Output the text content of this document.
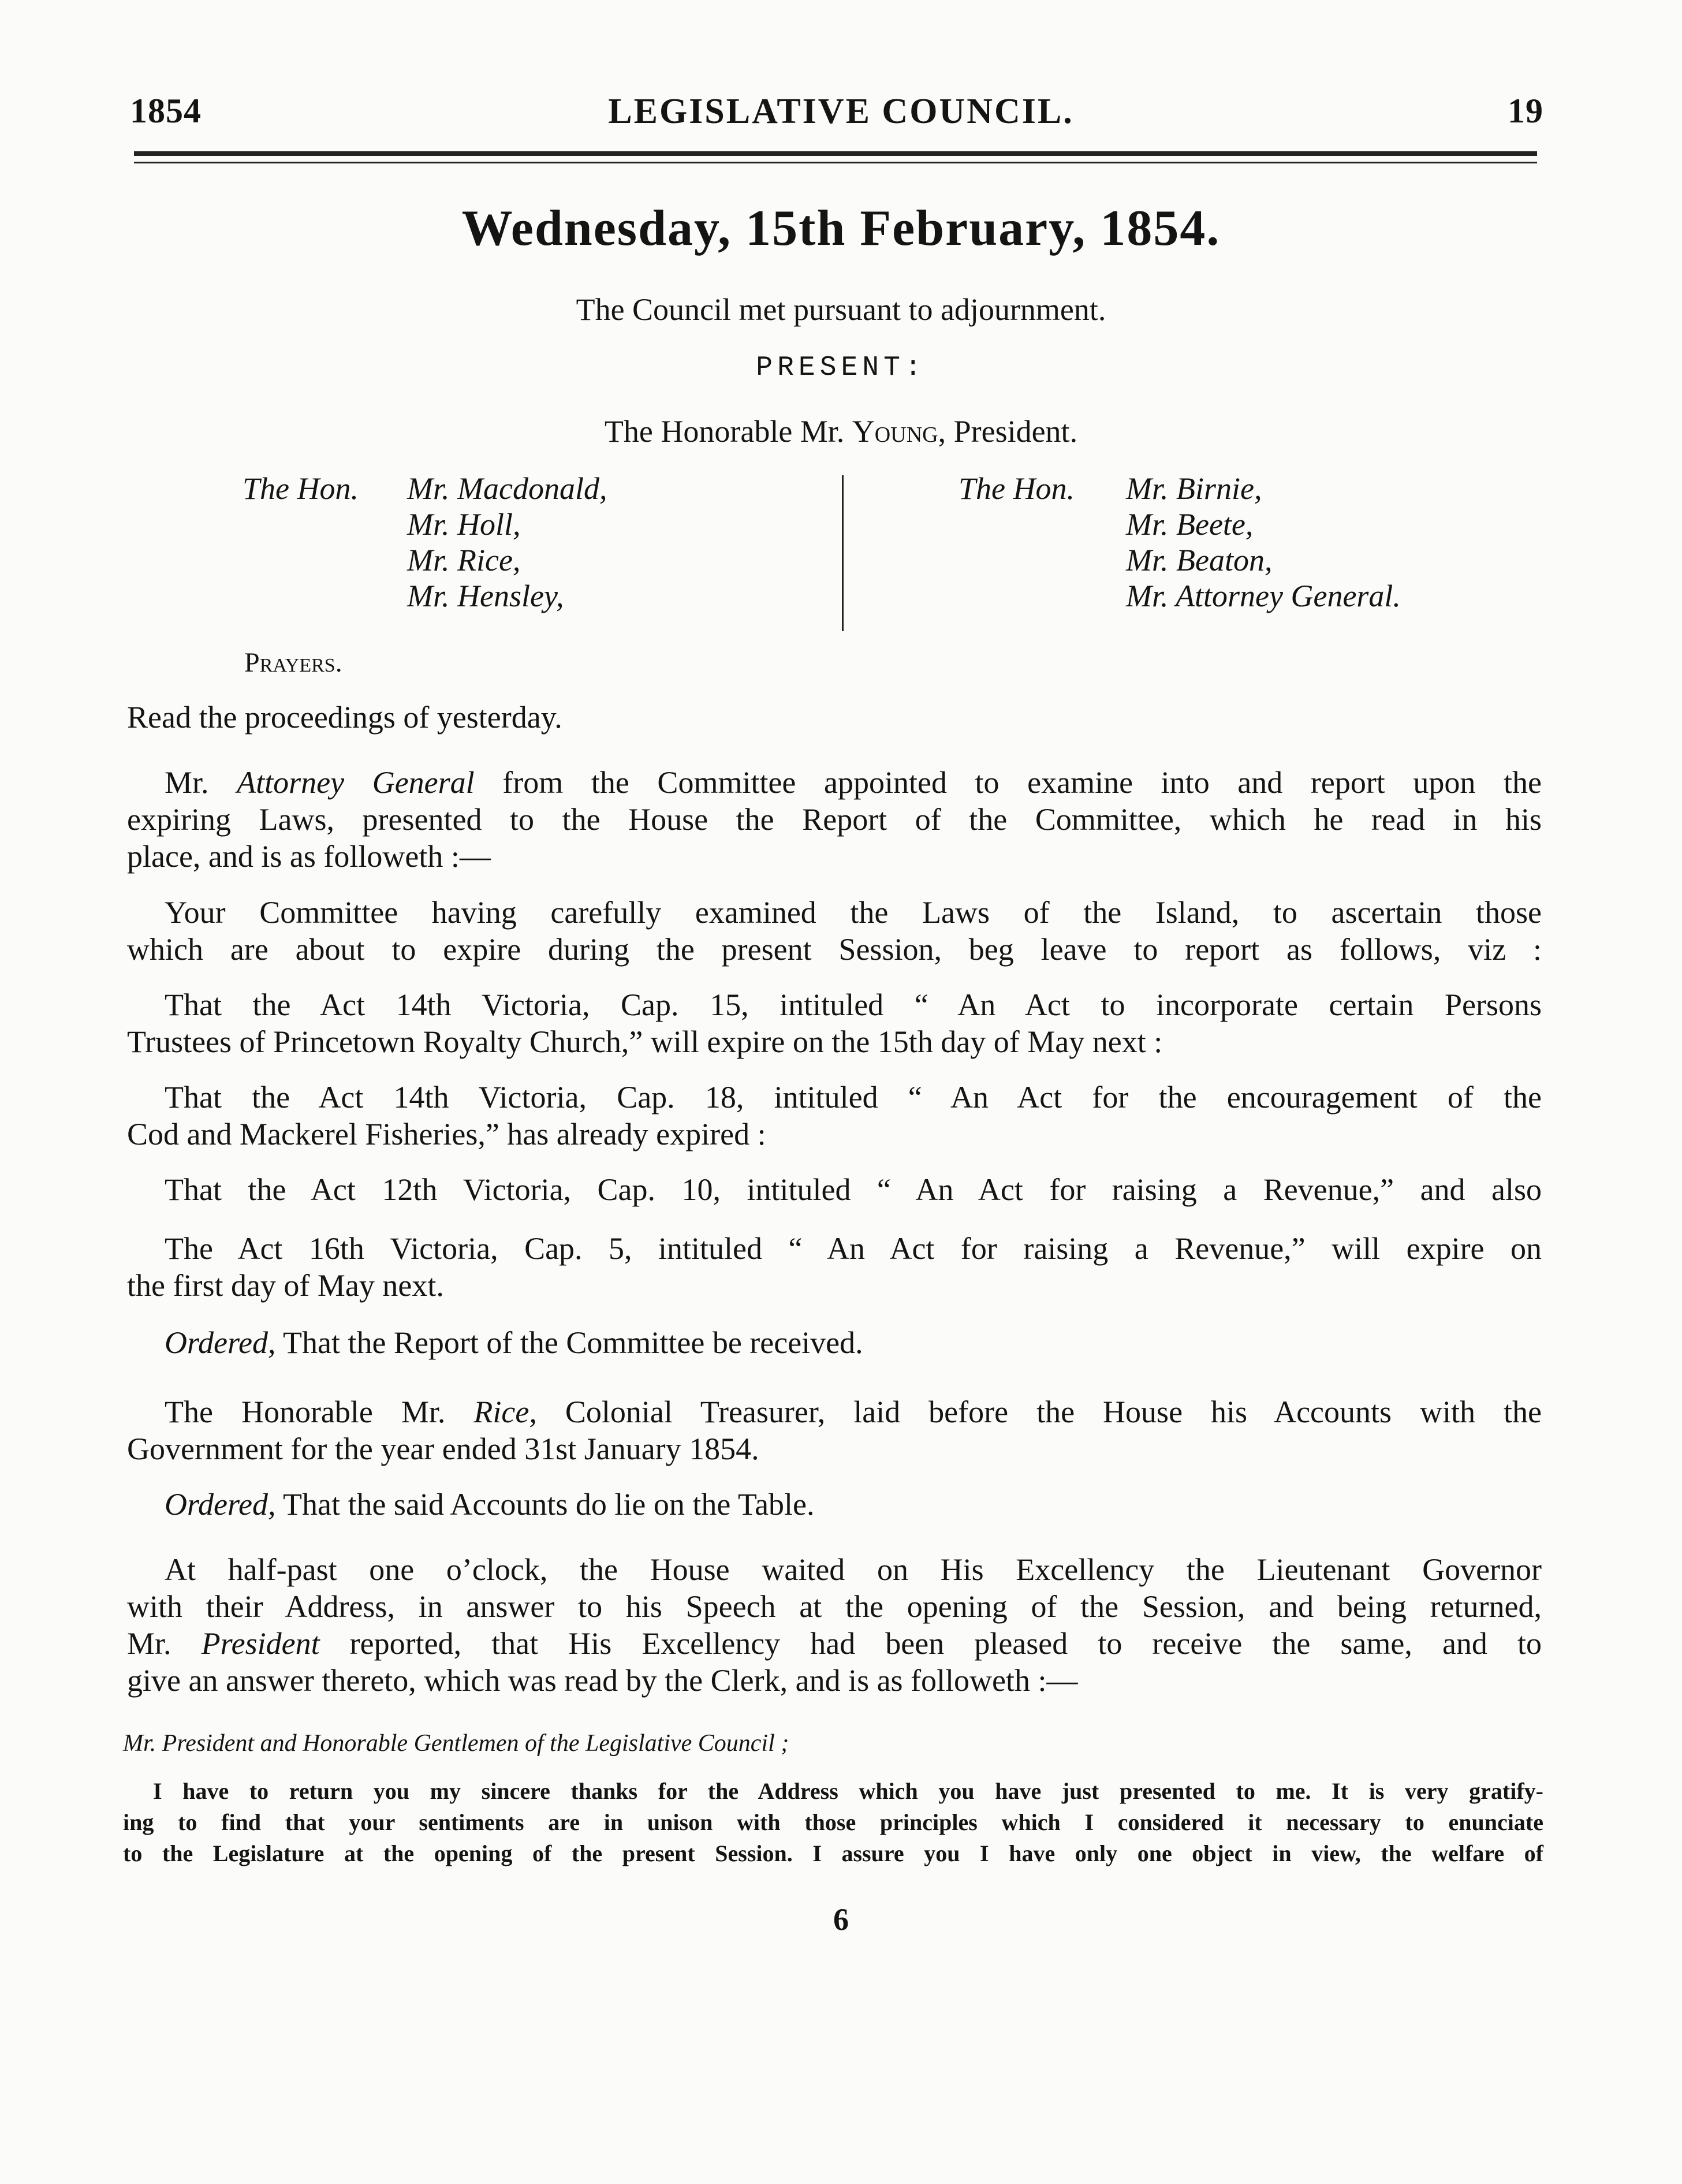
1854	LEGISLATIVE COUNCIL.	19
Wednesday, 15th February, 1854.
The Council met pursuant to adjournment.
PRESENT:
The Honorable Mr. Young, President.
The Hon.	Mr. Macdonald,
Mr. Holl,
Mr. Rice,
Mr. Hensley,
The Hon.	Mr. Birnie,
Mr. Beete,
Mr. Beaton,
Mr. Attorney General.
Prayers.
Read the proceedings of yesterday.
Mr. Attorney General from the Committee appointed to examine into and report upon the
expiring Laws, presented to the House the Report of the Committee, which he read in his
place, and is as followeth :—
Your Committee having carefully examined the Laws of the Island, to ascertain those
which are about to expire during the present Session, beg leave to report as follows, viz :
That the Act 14th Victoria, Cap. 15, intituled “ An Act to incorporate certain Persons
Trustees of Princetown Royalty Church,” will expire on the 15th day of May next :
That the Act 14th Victoria, Cap. 18, intituled “ An Act for the encouragement of the
Cod and Mackerel Fisheries,” has already expired :
That the Act 12th Victoria, Cap. 10, intituled “ An Act for raising a Revenue,” and also
The Act 16th Victoria, Cap. 5, intituled “ An Act for raising a Revenue,” will expire on
the first day of May next.
Ordered, That the Report of the Committee be received.
The Honorable Mr. Rice, Colonial Treasurer, laid before the House his Accounts with the
Government for the year ended 31st January 1854.
Ordered, That the said Accounts do lie on the Table.
At half-past one o’clock, the House waited on His Excellency the Lieutenant Governor
with their Address, in answer to his Speech at the opening of the Session, and being returned,
Mr. President reported, that His Excellency had been pleased to receive the same, and to
give an answer thereto, which was read by the Clerk, and is as followeth :—
Mr. President and Honorable Gentlemen of the Legislative Council ;
I have to return you my sincere thanks for the Address which you have just presented to me. It is very gratify-
ing to find that your sentiments are in unison with those principles which I considered it necessary to enunciate
to the Legislature at the opening of the present Session. I assure you I have only one object in view, the welfare of
6
